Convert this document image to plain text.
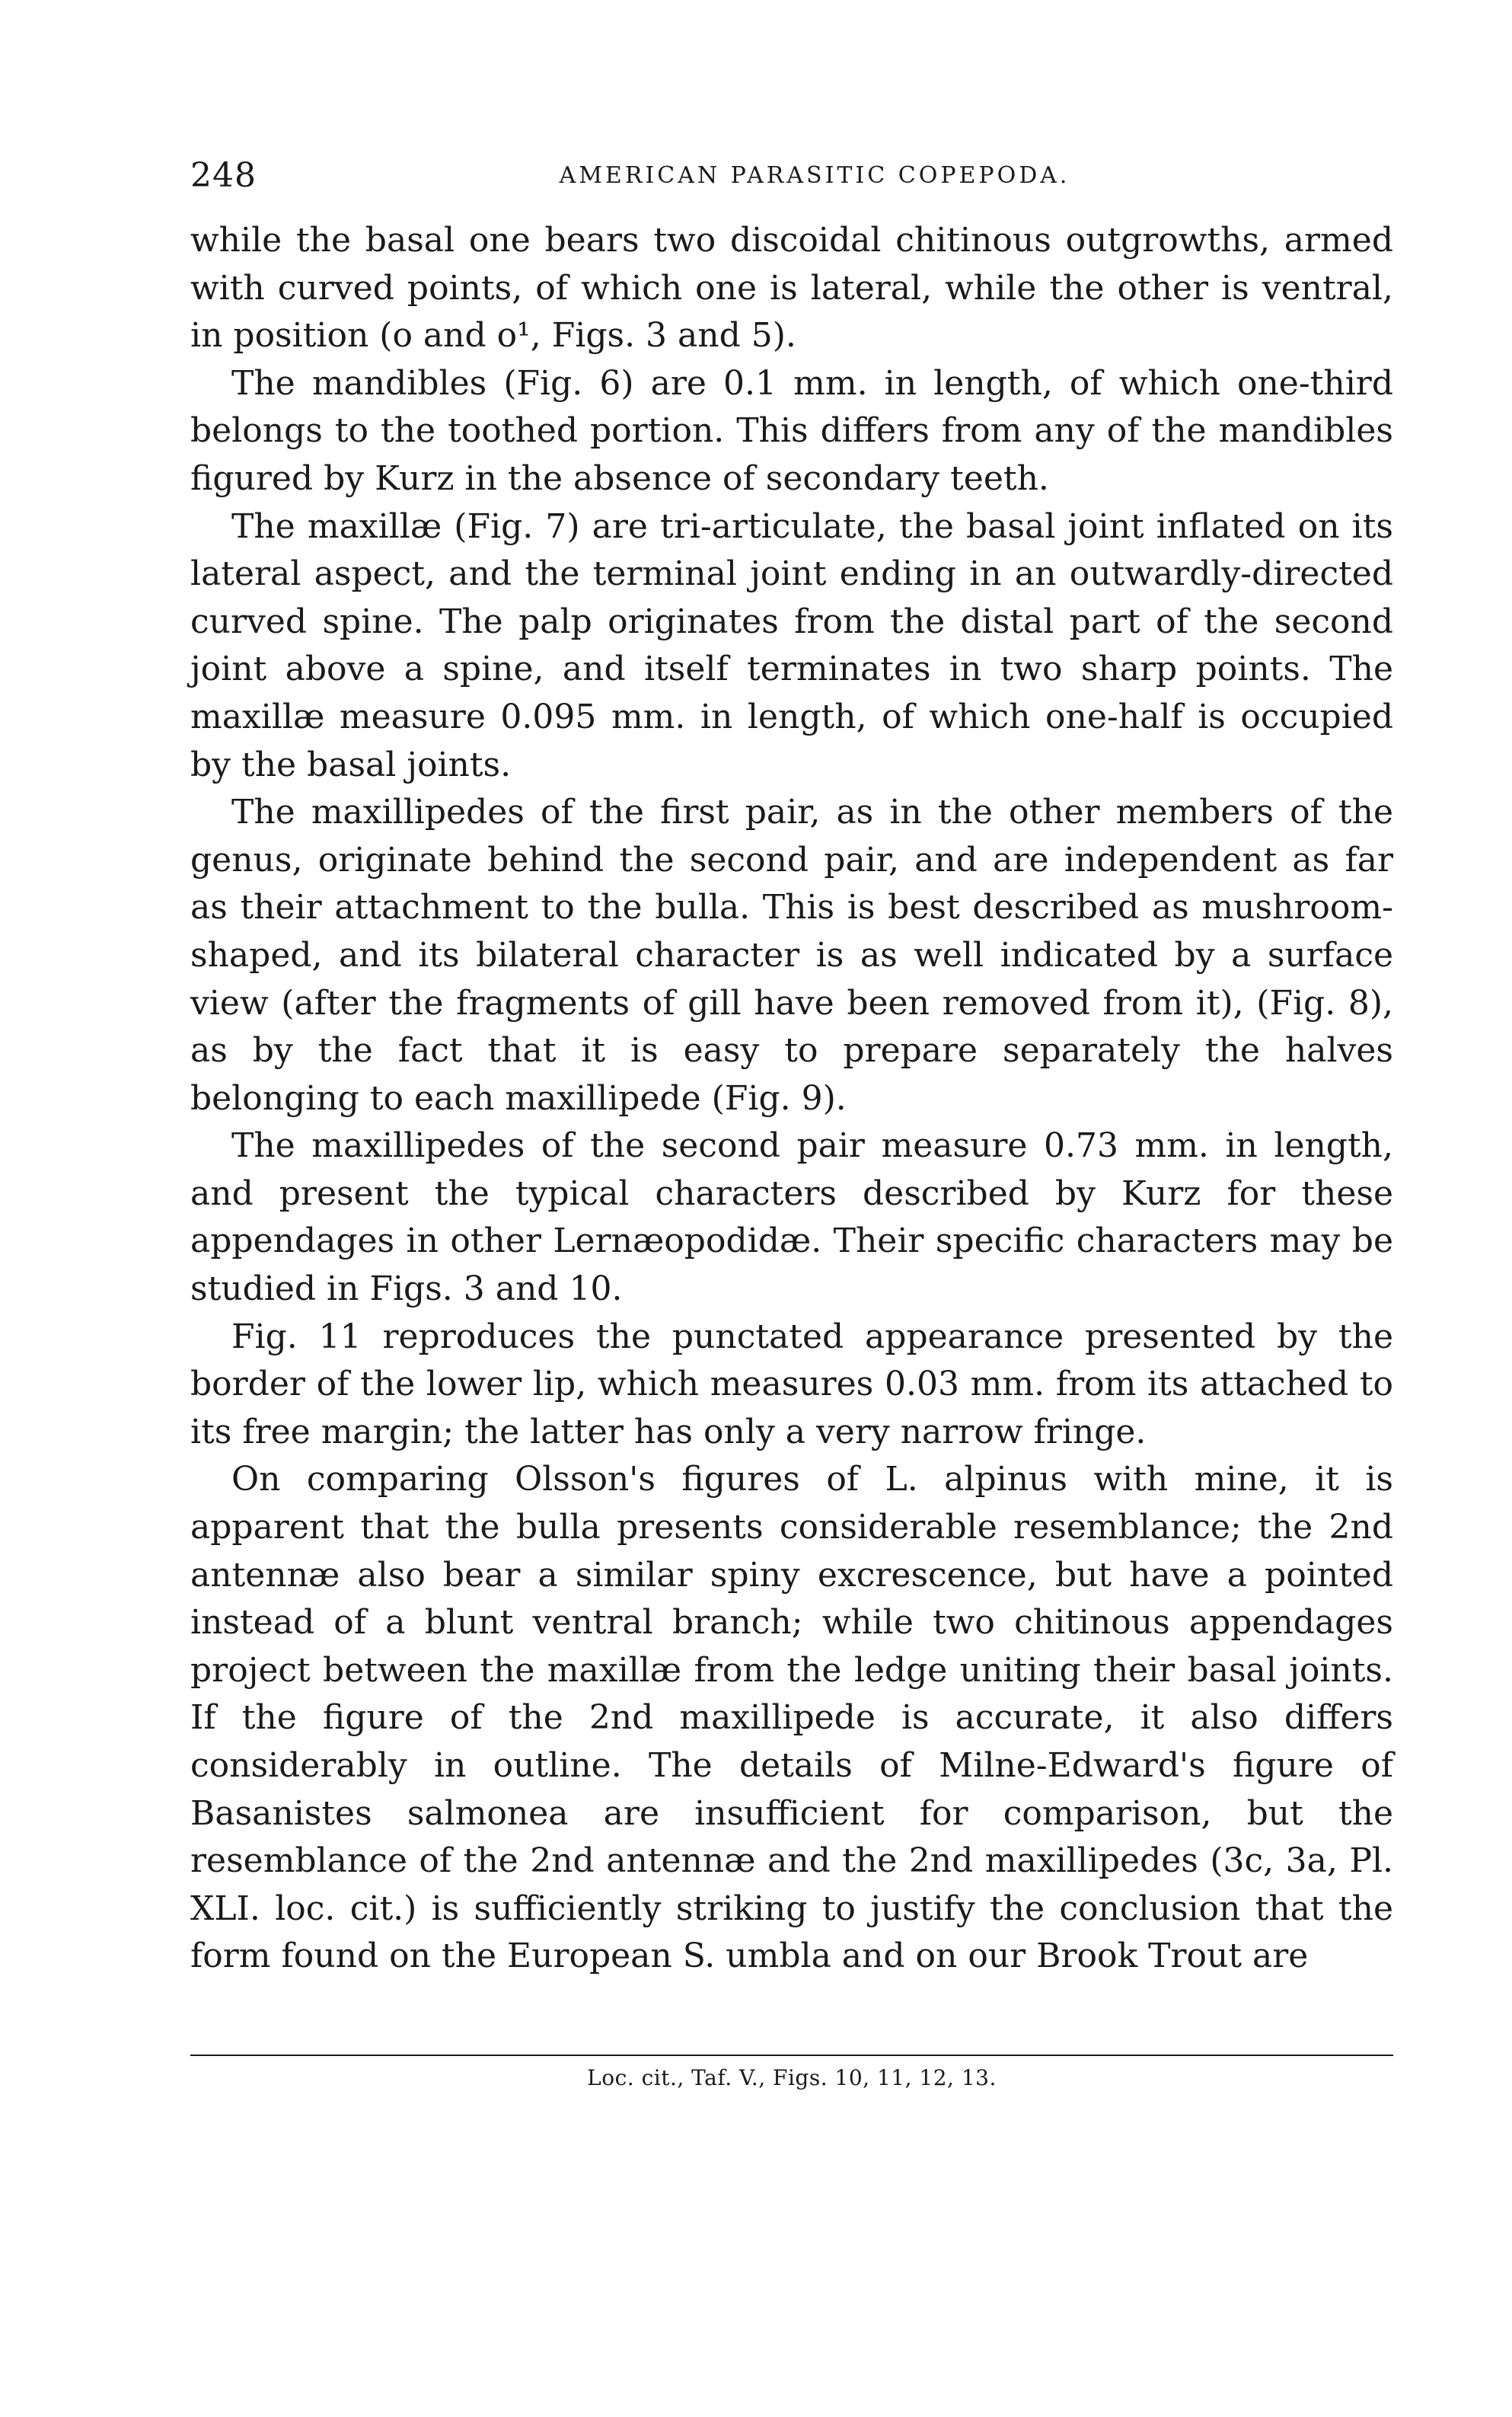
248	AMERICAN PARASITIC COPEPODA.

while the basal one bears two discoidal chitinous outgrowths, armed with curved points, of which one is lateral, while the other is ventral, in position (o and o¹, Figs. 3 and 5).

The mandibles (Fig. 6) are 0.1 mm. in length, of which one-third belongs to the toothed portion. This differs from any of the mandibles figured by Kurz in the absence of secondary teeth.

The maxillæ (Fig. 7) are tri-articulate, the basal joint inflated on its lateral aspect, and the terminal joint ending in an outwardly-directed curved spine. The palp originates from the distal part of the second joint above a spine, and itself terminates in two sharp points. The maxillæ measure 0.095 mm. in length, of which one-half is occupied by the basal joints.

The maxillipedes of the first pair, as in the other members of the genus, originate behind the second pair, and are independent as far as their attachment to the bulla. This is best described as mushroom-shaped, and its bilateral character is as well indicated by a surface view (after the fragments of gill have been removed from it), (Fig. 8), as by the fact that it is easy to prepare separately the halves belonging to each maxillipede (Fig. 9).

The maxillipedes of the second pair measure 0.73 mm. in length, and present the typical characters described by Kurz for these appendages in other Lernæopodidæ. Their specific characters may be studied in Figs. 3 and 10.

Fig. 11 reproduces the punctated appearance presented by the border of the lower lip, which measures 0.03 mm. from its attached to its free margin; the latter has only a very narrow fringe.

On comparing Olsson's figures of L. alpinus with mine, it is apparent that the bulla presents considerable resemblance; the 2nd antennæ also bear a similar spiny excrescence, but have a pointed instead of a blunt ventral branch; while two chitinous appendages project between the maxillæ from the ledge uniting their basal joints. If the figure of the 2nd maxillipede is accurate, it also differs considerably in outline. The details of Milne-Edward's figure of Basanistes salmonea are insufficient for comparison, but the resemblance of the 2nd antennæ and the 2nd maxillipedes (3c, 3a, Pl. XLI. loc. cit.) is sufficiently striking to justify the conclusion that the form found on the European S. umbla and on our Brook Trout are

Loc. cit., Taf. V., Figs. 10, 11, 12, 13.
